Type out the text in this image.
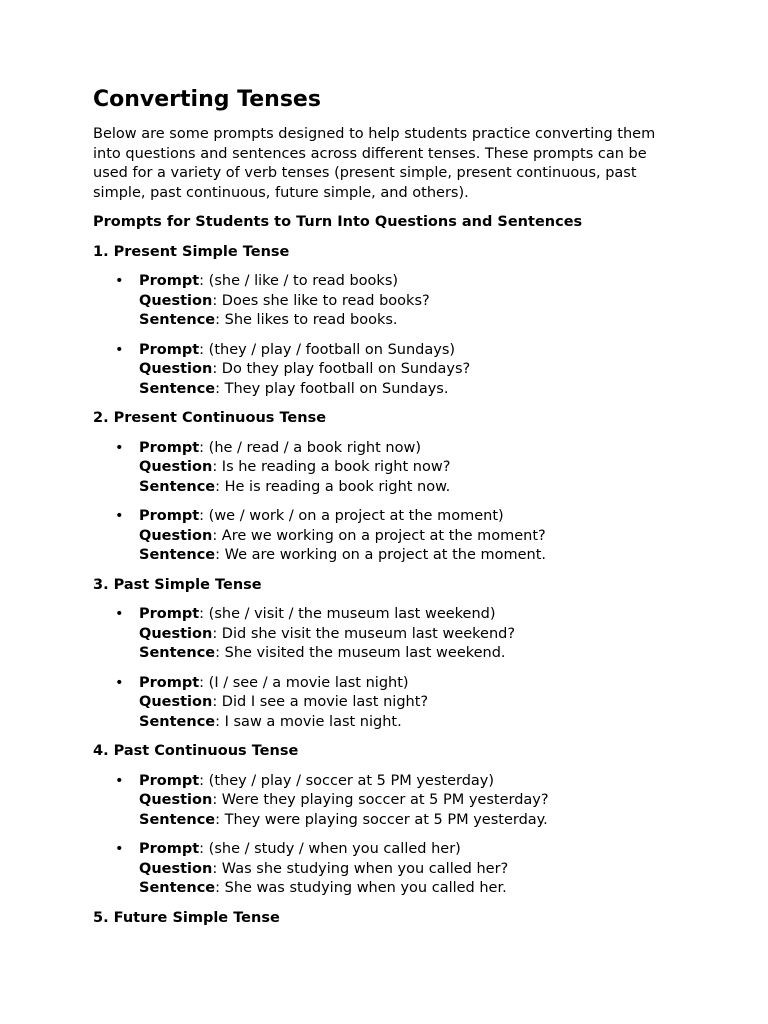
Converting Tenses

Below are some prompts designed to help students practice converting them into questions and sentences across different tenses. These prompts can be used for a variety of verb tenses (present simple, present continuous, past simple, past continuous, future simple, and others).

Prompts for Students to Turn Into Questions and Sentences
1. Present Simple Tense
• Prompt: (she / like / to read books)
Question: Does she like to read books?
Sentence: She likes to read books.
• Prompt: (they / play / football on Sundays)
Question: Do they play football on Sundays?
Sentence: They play football on Sundays.
2. Present Continuous Tense
• Prompt: (he / read / a book right now)
Question: Is he reading a book right now?
Sentence: He is reading a book right now.
• Prompt: (we / work / on a project at the moment)
Question: Are we working on a project at the moment?
Sentence: We are working on a project at the moment.
3. Past Simple Tense
• Prompt: (she / visit / the museum last weekend)
Question: Did she visit the museum last weekend?
Sentence: She visited the museum last weekend.
• Prompt: (I / see / a movie last night)
Question: Did I see a movie last night?
Sentence: I saw a movie last night.
4. Past Continuous Tense
• Prompt: (they / play / soccer at 5 PM yesterday)
Question: Were they playing soccer at 5 PM yesterday?
Sentence: They were playing soccer at 5 PM yesterday.
• Prompt: (she / study / when you called her)
Question: Was she studying when you called her?
Sentence: She was studying when you called her.
5. Future Simple Tense
